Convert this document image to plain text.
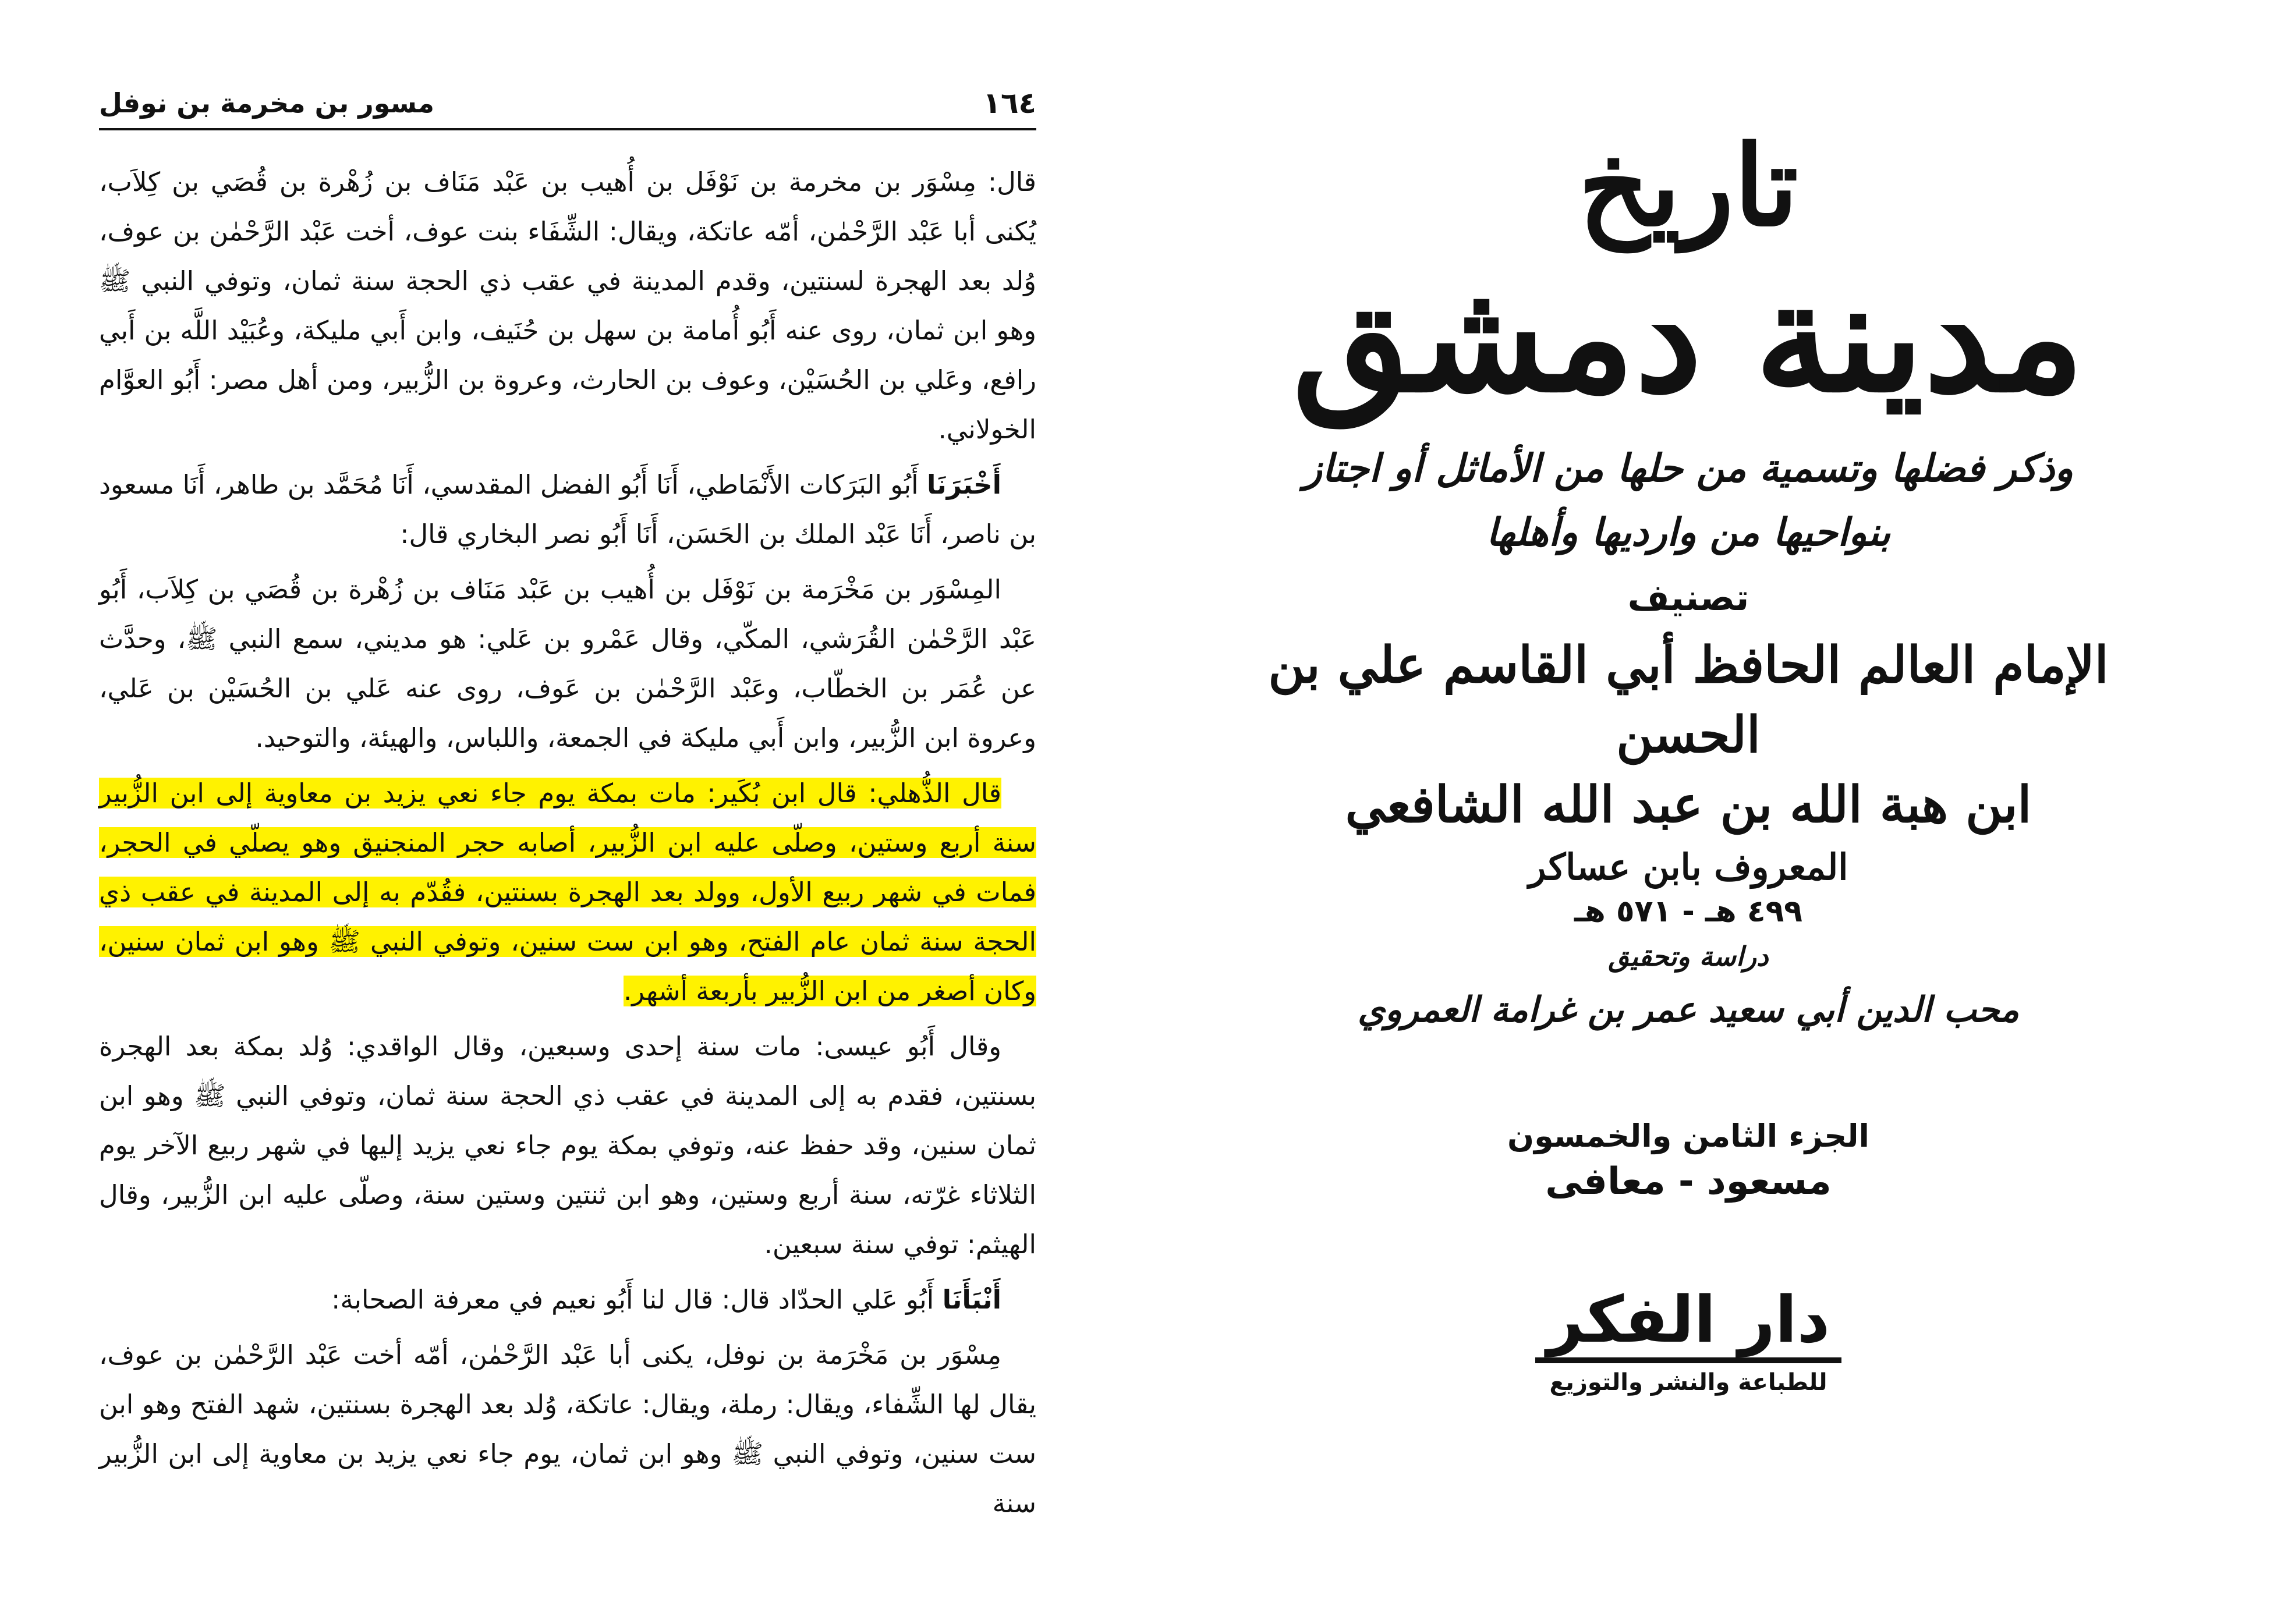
١٦٤
مسور بن مخرمة بن نوفل

قال: مِسْوَر بن مخرمة بن نَوْفَل بن أُهيب بن عَبْد مَنَاف بن زُهْرة بن قُصَي بن كِلاَب، يُكنى أبا عَبْد الرَّحْمٰن، أمّه عاتكة، ويقال: الشِّفَاء بنت عوف، أخت عَبْد الرَّحْمٰن بن عوف، وُلد بعد الهجرة لسنتين، وقدم المدينة في عقب ذي الحجة سنة ثمان، وتوفي النبي ﷺ وهو ابن ثمان، روى عنه أَبُو أُمامة بن سهل بن حُنَيف، وابن أَبي مليكة، وعُبَيْد اللَّه بن أَبي رافع، وعَلي بن الحُسَيْن، وعوف بن الحارث، وعروة بن الزُّبير، ومن أهل مصر: أَبُو العوَّام الخولاني.

أَخْبَرَنَا أَبُو البَرَكات الأَنْمَاطي، أَنَا أَبُو الفضل المقدسي، أَنَا مُحَمَّد بن طاهر، أَنَا مسعود بن ناصر، أَنَا عَبْد الملك بن الحَسَن، أَنَا أَبُو نصر البخاري قال:

المِسْوَر بن مَخْرَمة بن نَوْفَل بن أُهيب بن عَبْد مَنَاف بن زُهْرة بن قُصَي بن كِلاَب، أَبُو عَبْد الرَّحْمٰن القُرَشي، المكّي، وقال عَمْرو بن عَلي: هو مديني، سمع النبي ﷺ، وحدَّث عن عُمَر بن الخطّاب، وعَبْد الرَّحْمٰن بن عَوف، روى عنه عَلي بن الحُسَيْن بن عَلي، وعروة ابن الزُّبير، وابن أَبي مليكة في الجمعة، واللباس، والهيئة، والتوحيد.

قال الذُّهلي: قال ابن بُكَير: مات بمكة يوم جاء نعي يزيد بن معاوية إلى ابن الزُّبير سنة أربع وستين، وصلّى عليه ابن الزُّبير، أصابه حجر المنجنيق وهو يصلّي في الحجر، فمات في شهر ربيع الأول، وولد بعد الهجرة بسنتين، فقُدّم به إلى المدينة في عقب ذي الحجة سنة ثمان عام الفتح، وهو ابن ست سنين، وتوفي النبي ﷺ وهو ابن ثمان سنين، وكان أصغر من ابن الزُّبير بأربعة أشهر.

وقال أَبُو عيسى: مات سنة إحدى وسبعين، وقال الواقدي: وُلد بمكة بعد الهجرة بسنتين، فقدم به إلى المدينة في عقب ذي الحجة سنة ثمان، وتوفي النبي ﷺ وهو ابن ثمان سنين، وقد حفظ عنه، وتوفي بمكة يوم جاء نعي يزيد إليها في شهر ربيع الآخر يوم الثلاثاء غرّته، سنة أربع وستين، وهو ابن ثنتين وستين سنة، وصلّى عليه ابن الزُّبير، وقال الهيثم: توفي سنة سبعين.

أَنْبَأَنَا أَبُو عَلي الحدّاد قال: قال لنا أَبُو نعيم في معرفة الصحابة:

مِسْوَر بن مَخْرَمة بن نوفل، يكنى أبا عَبْد الرَّحْمٰن، أمّه أخت عَبْد الرَّحْمٰن بن عوف، يقال لها الشِّفاء، ويقال: رملة، ويقال: عاتكة، وُلد بعد الهجرة بسنتين، شهد الفتح وهو ابن ست سنين، وتوفي النبي ﷺ وهو ابن ثمان، يوم جاء نعي يزيد بن معاوية إلى ابن الزُّبير سنة

تاريخ
مدينة دمشق
وذكر فضلها وتسمية من حلها من الأماثل أو اجتاز
بنواحيها من وارديها وأهلها
تصنيف
الإمام العالم الحافظ أبي القاسم علي بن الحسن
ابن هبة الله بن عبد الله الشافعي
المعروف بابن عساكر
٤٩٩ هـ - ٥٧١ هـ
دراسة وتحقيق
محب الدين أبي سعيد عمر بن غرامة العمروي
الجزء الثامن والخمسون
مسعود - معافى
دار الفكر
للطباعة والنشر والتوزيع
